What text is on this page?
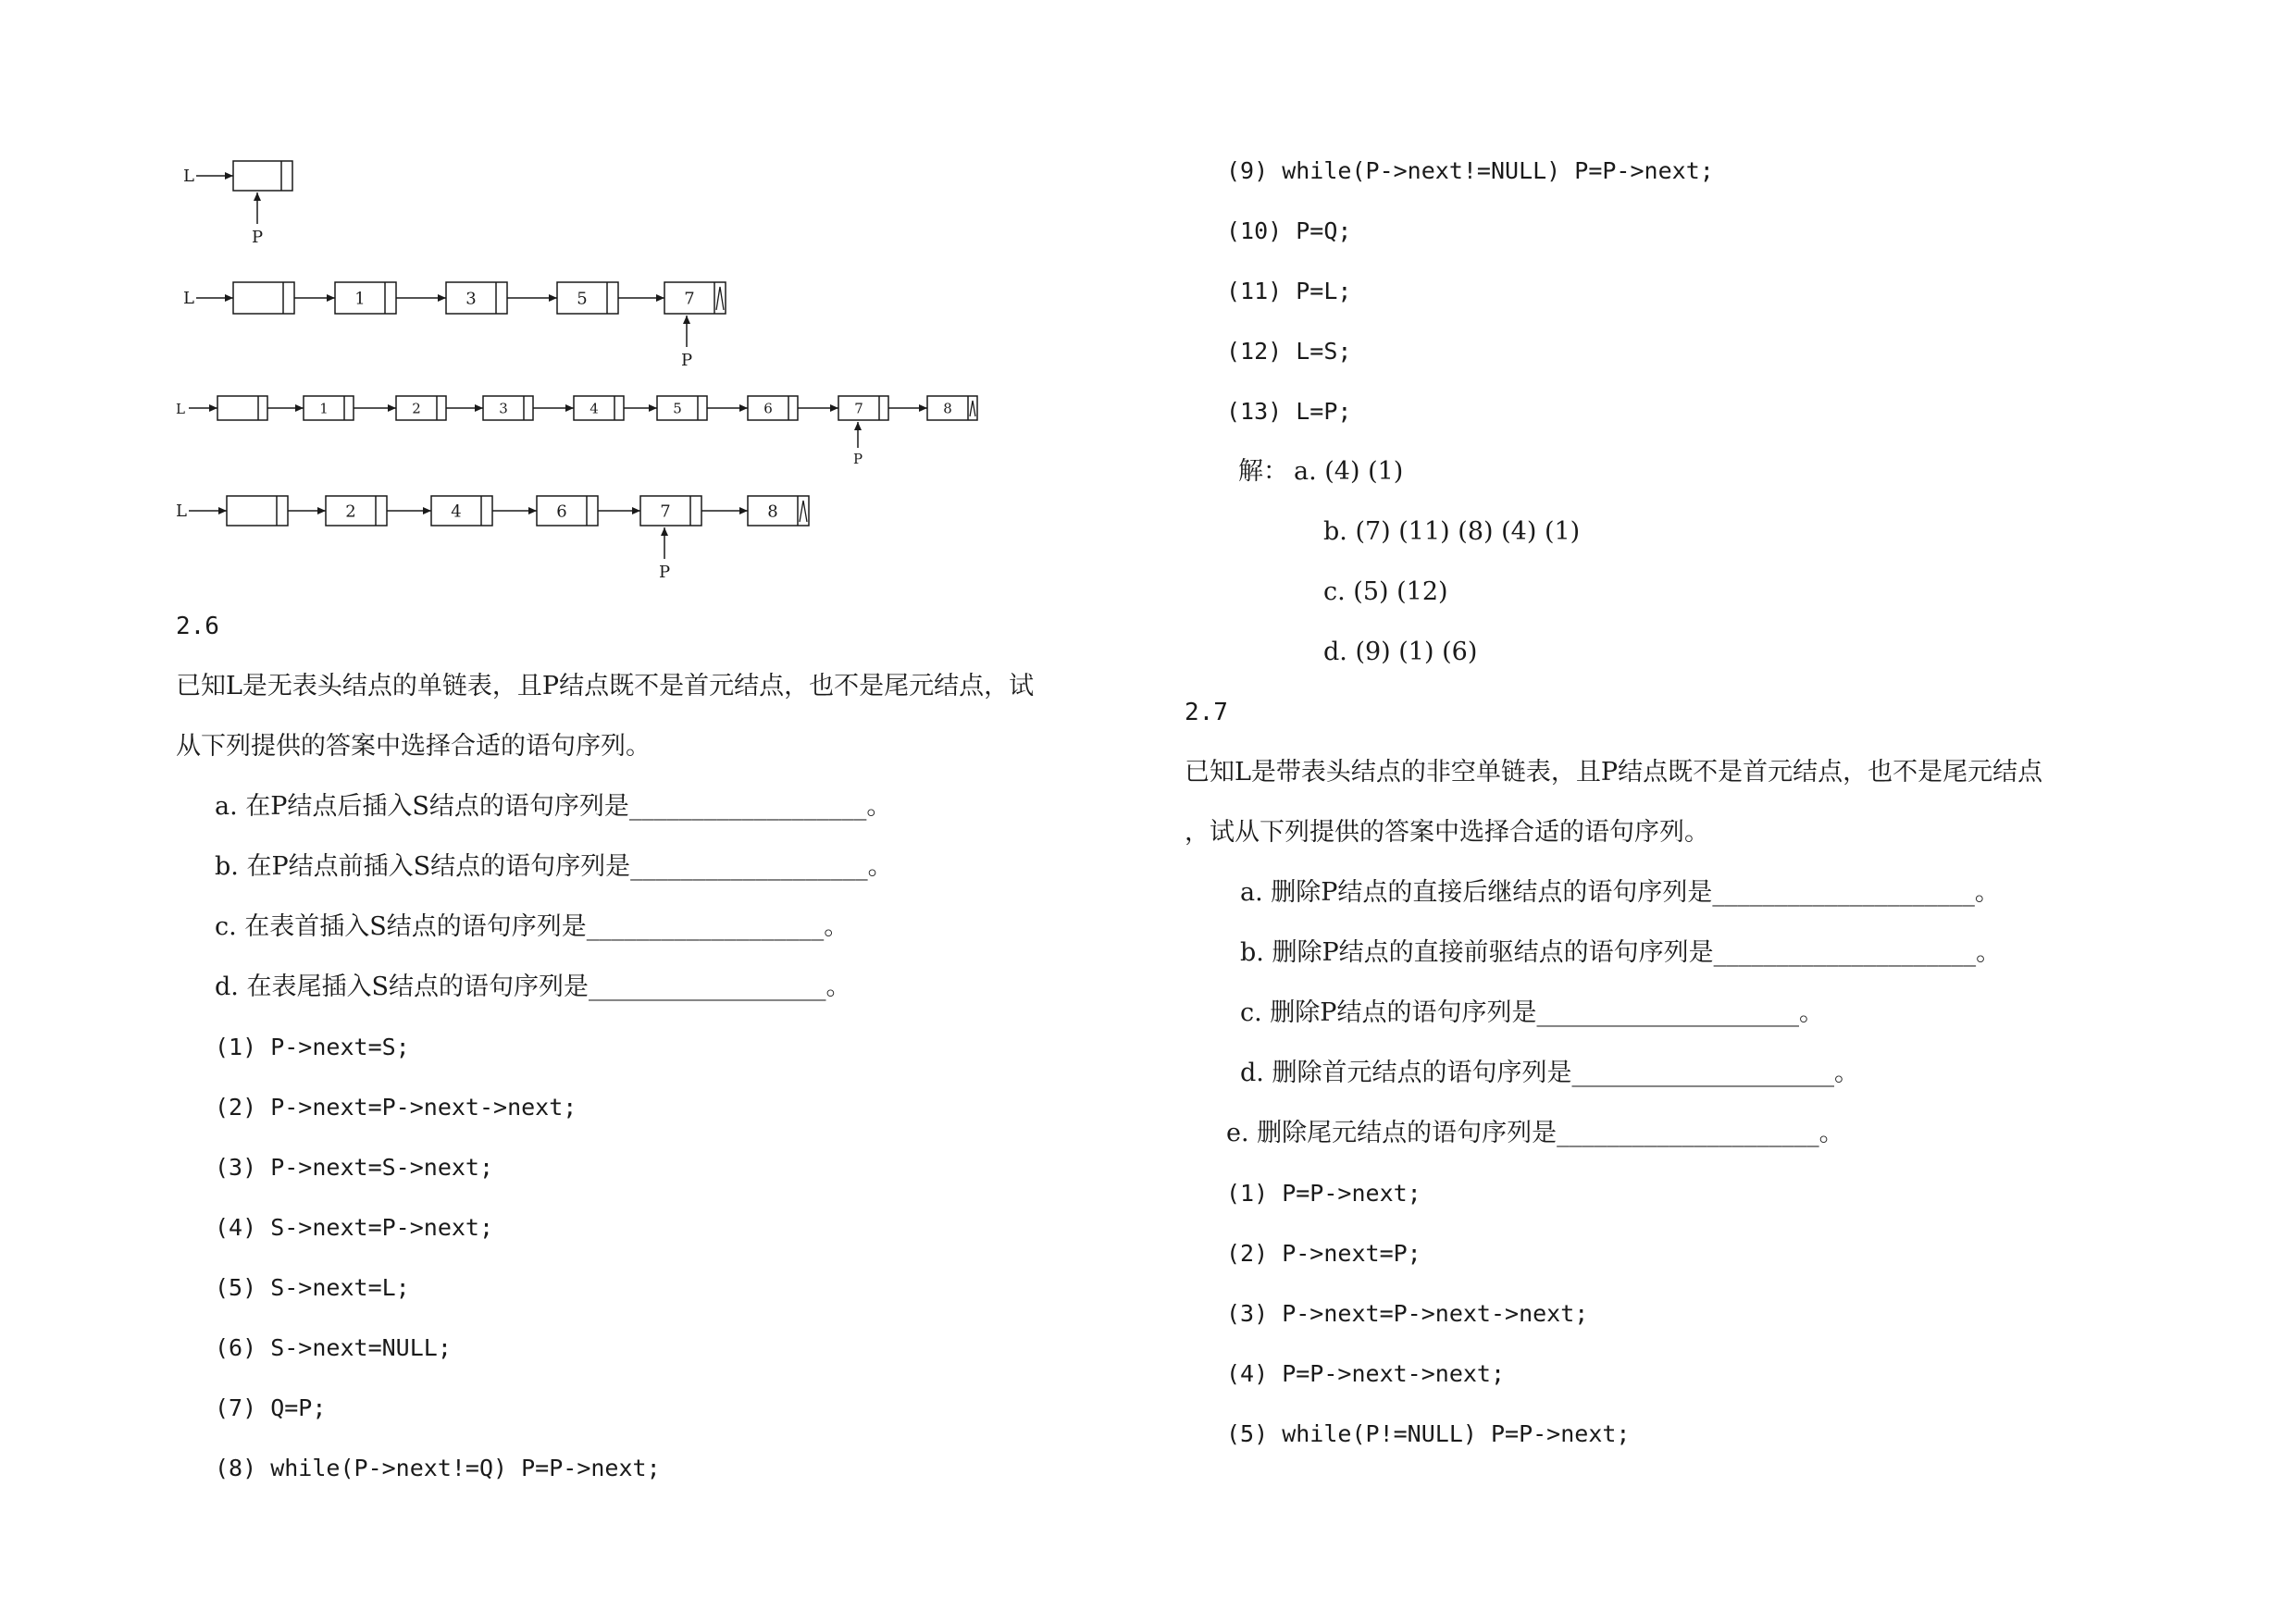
L
P
L	1	3	5	7
P
L	1	2	3	4	5	6	7	8
P
L	2	4	6	7	8
P
2.6
已知L是无表头结点的单链表，且P结点既不是首元结点，也不是尾元结点，试
从下列提供的答案中选择合适的语句序列。
a. 在P结点后插入S结点的语句序列是___________________。
b. 在P结点前插入S结点的语句序列是___________________。
c. 在表首插入S结点的语句序列是___________________。
d. 在表尾插入S结点的语句序列是___________________。
(1) P->next=S;
(2) P->next=P->next->next;
(3) P->next=S->next;
(4) S->next=P->next;
(5) S->next=L;
(6) S->next=NULL;
(7) Q=P;
(8) while(P->next!=Q) P=P->next;
(9) while(P->next!=NULL) P=P->next;
(10) P=Q;
(11) P=L;
(12) L=S;
(13) L=P;
解： a. (4) (1)
b. (7) (11) (8) (4) (1)
c. (5) (12)
d. (9) (1) (6)
2.7
已知L是带表头结点的非空单链表，且P结点既不是首元结点，也不是尾元结点
，试从下列提供的答案中选择合适的语句序列。
a. 删除P结点的直接后继结点的语句序列是_____________________。
b. 删除P结点的直接前驱结点的语句序列是_____________________。
c. 删除P结点的语句序列是_____________________。
d. 删除首元结点的语句序列是_____________________。
e. 删除尾元结点的语句序列是_____________________。
(1) P=P->next;
(2) P->next=P;
(3) P->next=P->next->next;
(4) P=P->next->next;
(5) while(P!=NULL) P=P->next;
